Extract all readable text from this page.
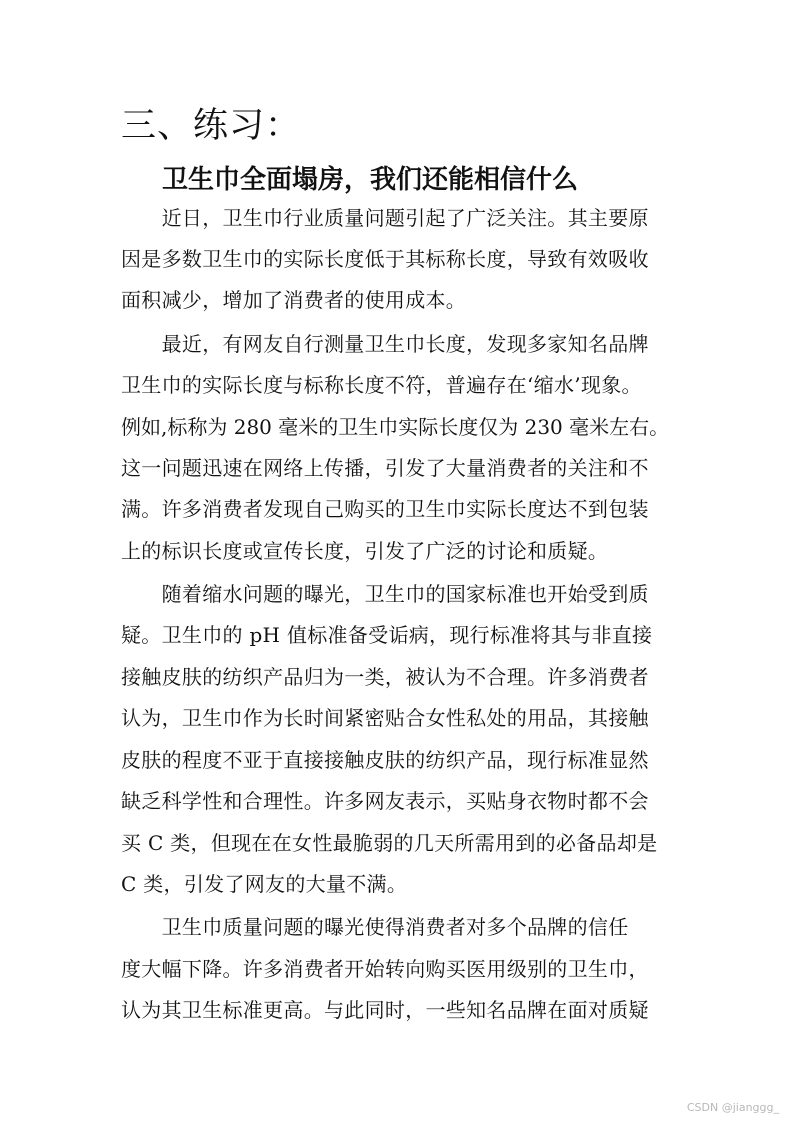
三、练习：
卫生巾全面塌房，我们还能相信什么
　　近日，卫生巾行业质量问题引起了广泛关注。其主要原
因是多数卫生巾的实际长度低于其标称长度，导致有效吸收
面积减少，增加了消费者的使用成本。
　　最近，有网友自行测量卫生巾长度，发现多家知名品牌
卫生巾的实际长度与标称长度不符，普遍存在‘缩水’现象。
例如,标称为 280 毫米的卫生巾实际长度仅为 230 毫米左右。
这一问题迅速在网络上传播，引发了大量消费者的关注和不
满。许多消费者发现自己购买的卫生巾实际长度达不到包装
上的标识长度或宣传长度，引发了广泛的讨论和质疑。
　　随着缩水问题的曝光，卫生巾的国家标准也开始受到质
疑。卫生巾的 pH 值标准备受诟病，现行标准将其与非直接
接触皮肤的纺织产品归为一类，被认为不合理。许多消费者
认为，卫生巾作为长时间紧密贴合女性私处的用品，其接触
皮肤的程度不亚于直接接触皮肤的纺织产品，现行标准显然
缺乏科学性和合理性。许多网友表示，买贴身衣物时都不会
买 C 类，但现在在女性最脆弱的几天所需用到的必备品却是
C 类，引发了网友的大量不满。
　　卫生巾质量问题的曝光使得消费者对多个品牌的信任
度大幅下降。许多消费者开始转向购买医用级别的卫生巾，
认为其卫生标准更高。与此同时，一些知名品牌在面对质疑
CSDN @jianggg_
